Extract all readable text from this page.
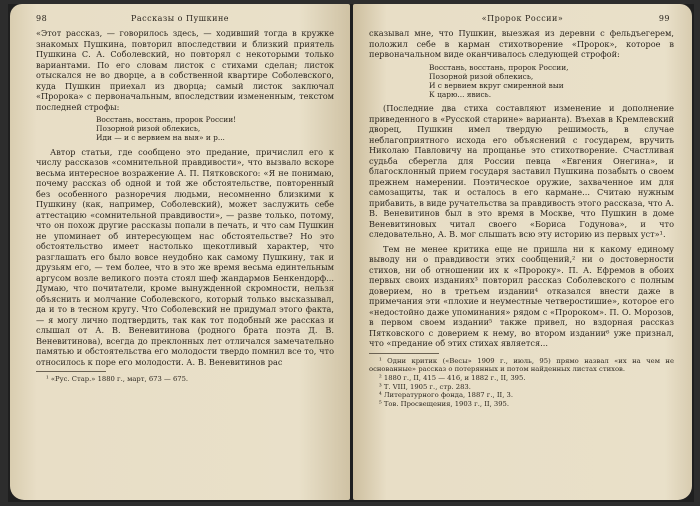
98	Рассказы о Пушкине

«Этот рассказ, — говорилось здесь, — ходивший тогда в кружке знакомых Пушкина, повторил впоследствии и близкий приятель Пушкина С. А. Соболевский, но повторял с некоторыми только вариантами. По его словам листок с стихами сделан; листок отыскался не во дворце, а в собственной квартире Соболевского, куда Пушкин приехал из дворца; самый листок заключал «Пророка» с первоначальным, впоследствии измененным, текстом последней строфы:

Восстань, восстань, пророк России!
Позорной ризой облекись,
Иди — и с вервием на выя» и р...

Автор статьи, где сообщено это предание, причислил его к числу рассказов «сомнительной правдивости», что вызвало вскоре весьма интересное возражение А. П. Пятковского: «Я не понимаю, почему рассказ об одной и той же обстоятельстве, повторенный без особенного разноречия людьми, несомненно близкими к Пушкину (как, например, Соболевский), может заслужить себе аттестацию «сомнительной правдивости», — разве только, потому, что он похож другие рассказы попали в печать, и что сам Пушкин не упоминает об интересующем нас обстоятельстве? Но это обстоятельство имеет настолько щекотливый характер, что разглашать его было вовсе неудобно как самому Пушкину, так и друзьям его, — тем более, что в это же время весьма единтельным аргусом возле великого поэта стоял шеф жандармов Бенкендорф... Думаю, что почитатели, кроме вынужденной скромности, нельзя объяснить и молчание Соболевского, который только высказывал, да и то в тесном кругу. Что Соболевский не придумал этого факта, — я могу лично подтвердить, так как тот подобный же рассказ и слышал от А. В. Веневитинова (родного брата поэта Д. В. Веневитинова), всегда до преклонных лет отличался замечательно памятью и обстоятельства его молодости твердо помнил все то, что относилось к поре его молодости. А. В. Веневитинов рас

¹ «Рус. Стар.» 1880 г., март, 673 — 675.

«Пророк России»	99

сказывал мне, что Пушкин, выезжая из деревни с фельдъегерем, положил себе в карман стихотворение «Пророк», которое в первоначальном виде оканчивалось следующей строфой:

Восстань, восстань, пророк России,
Позорной ризой облекись,
И с вервием вкруг смиренной выи
К царю... явись.

(Последние два стиха составляют изменение и дополнение приведенного в «Русской старине» варианта). Въехав в Кремлевский дворец, Пушкин имел твердую решимость, в случае неблагоприятного исхода его объяснений с государем, вручить Николаю Павловичу на прощанье это стихотворение. Счастливая судьба сберегла для России певца «Евгения Онегина», и благосклонный прием государя заставил Пушкина позабыть о своем прежнем намерении. Поэтическое оружие, захваченное им для самозащиты, так и осталось в его кармане... Считаю нужным прибавить, в виде ручательства за правдивость этого рассказа, что А. В. Веневитинов был в это время в Москве, что Пушкин в доме Веневитиновых читал своего «Бориса Годунова», и что следовательно, А. В. мог слышать всю эту историю из первых уст»¹.

Тем не менее критика еще не пришла ни к какому единому выводу ни о правдивости этих сообщений,² ни о достоверности стихов, ни об отношении их к «Пророку». П. А. Ефремов в обоих первых своих изданиях³ повторил рассказ Соболевского с полным доверием, но в третьем издании⁴ отказался внести даже в примечания эти «плохие и неуместные четверостишие», которое его «недостойно даже упоминания» рядом с «Пророком». П. О. Морозов, в первом своем издании⁵ также привел, но вздорная рассказ Пятковского с доверием к нему, во втором издании⁶ уже признал, что «предание об этих стихах является...

¹ Одни критик («Весы» 1909 г., июль, 95) прямо назвал «их на чем не основанные» рассказ о потерянных и потом найденных листах стихов.

² 1880 г., II, 415 — 416, и 1882 г., II, 395.

³ Т. VIII, 1905 г., стр. 283.

⁴ Литературного фонда, 1887 г., II, 3.

⁵ Тов. Просвещения, 1903 г., II, 395.
